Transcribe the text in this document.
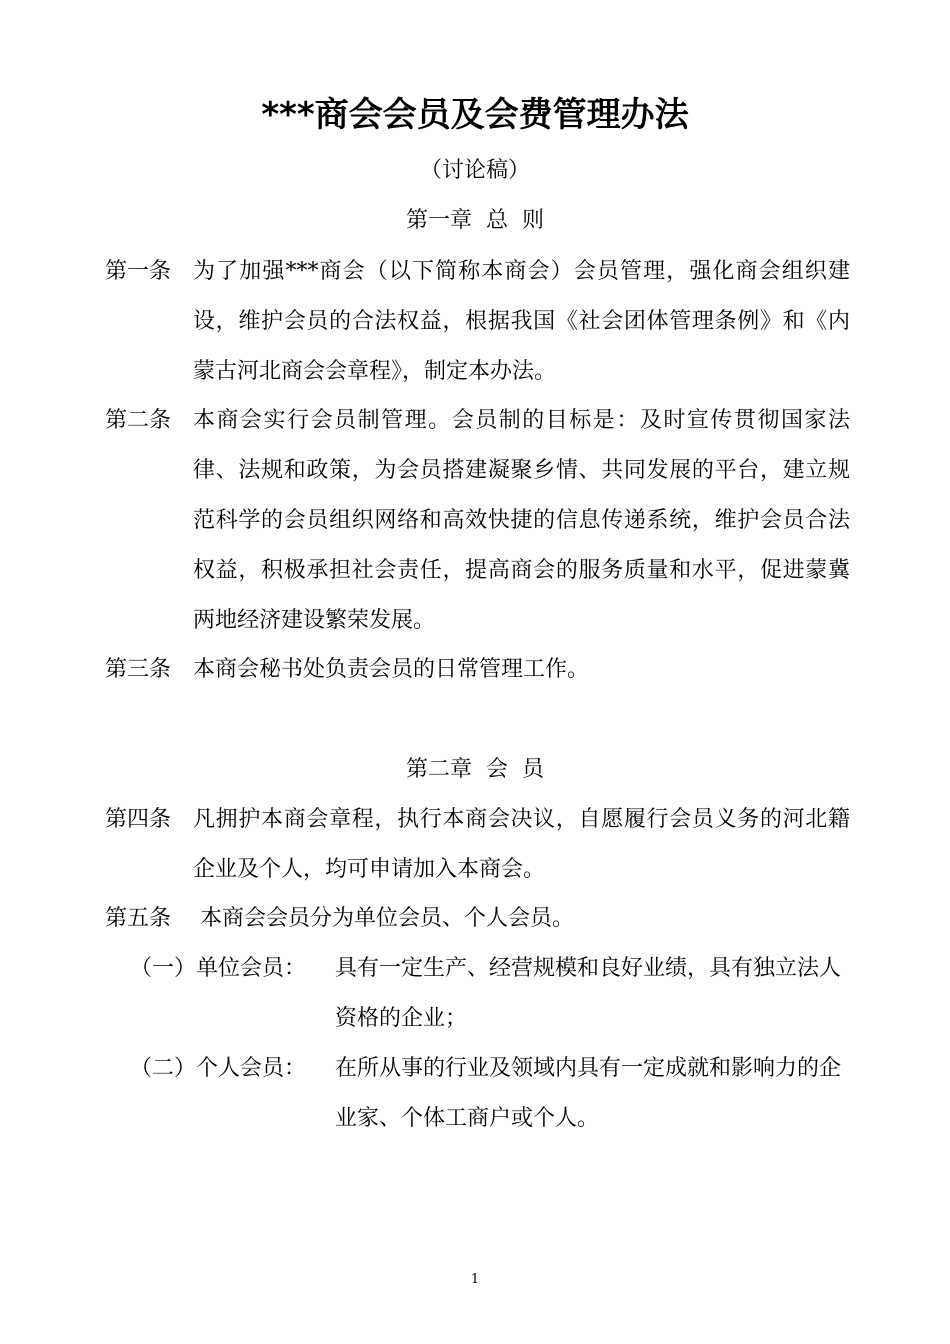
***商会会员及会费管理办法
（讨论稿）
第一章  总  则
第一条 为了加强***商会（以下简称本商会）会员管理，强化商会组织建设，维护会员的合法权益，根据我国《社会团体管理条例》和《内蒙古河北商会会章程》，制定本办法。
第二条 本商会实行会员制管理。会员制的目标是：及时宣传贯彻国家法律、法规和政策，为会员搭建凝聚乡情、共同发展的平台，建立规范科学的会员组织网络和高效快捷的信息传递系统，维护会员合法权益，积极承担社会责任，提高商会的服务质量和水平，促进蒙冀两地经济建设繁荣发展。
第三条 本商会秘书处负责会员的日常管理工作。
第二章  会  员
第四条 凡拥护本商会章程，执行本商会决议，自愿履行会员义务的河北籍企业及个人，均可申请加入本商会。
第五条 本商会会员分为单位会员、个人会员。
（一）单位会员： 具有一定生产、经营规模和良好业绩，具有独立法人资格的企业；
（二）个人会员： 在所从事的行业及领域内具有一定成就和影响力的企业家、个体工商户或个人。
1
